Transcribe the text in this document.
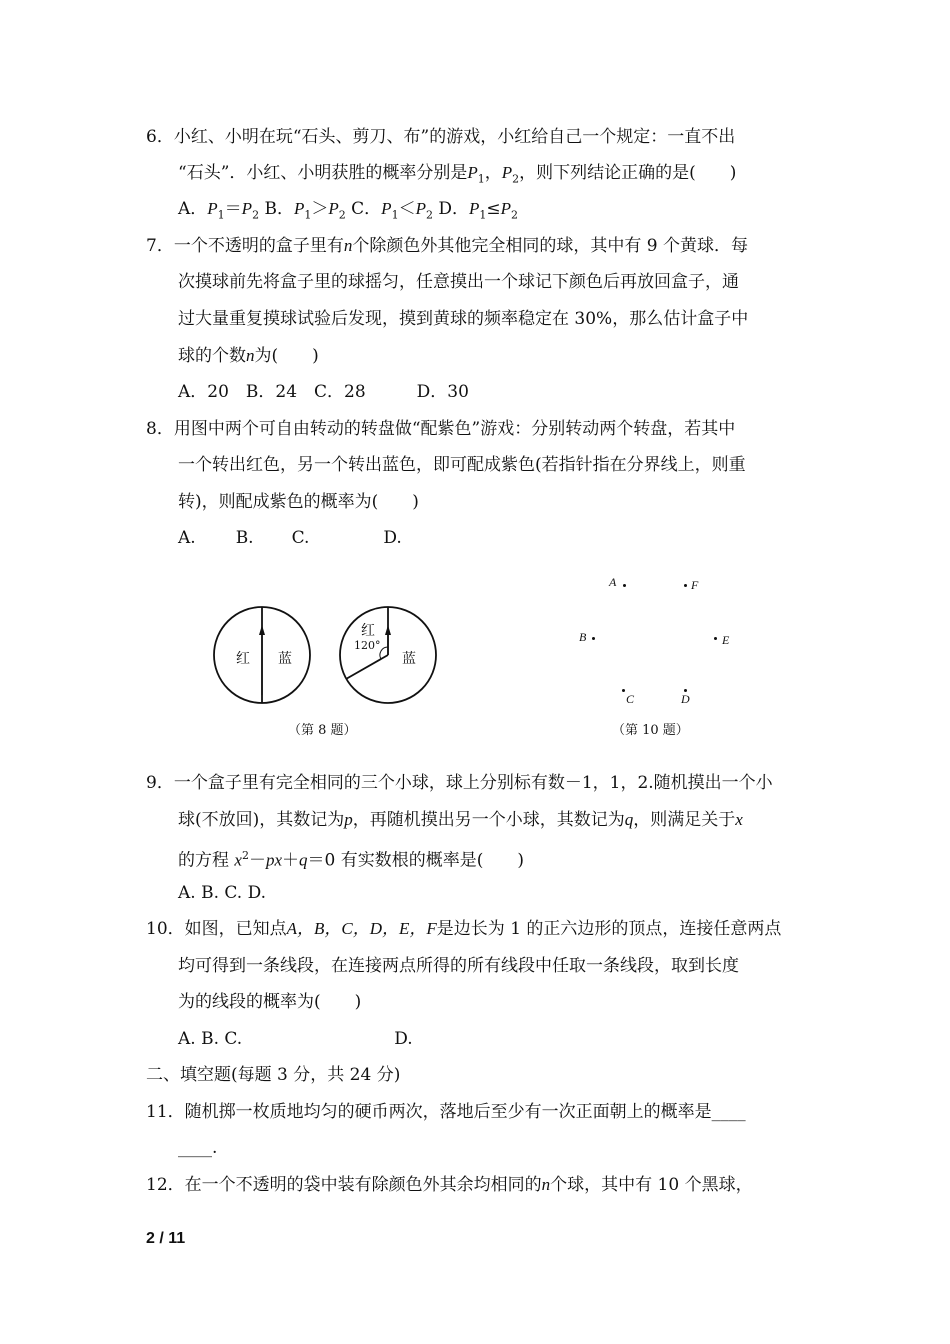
6．小红、小明在玩“石头、剪刀、布”的游戏，小红给自己一个规定：一直不出
“石头”．小红、小明获胜的概率分别是$P_1$，$P_2$，则下列结论正确的是(　　)
A．$P_1=P_2$ B．$P_1>P_2$ C．$P_1<P_2$ D．$P_1\le P_2$
7．一个不透明的盒子里有n个除颜色外其他完全相同的球，其中有 9 个黄球．每
次摸球前先将盒子里的球摇匀，任意摸出一个球记下颜色后再放回盒子，通
过大量重复摸球试验后发现，摸到黄球的频率稳定在 30%，那么估计盒子中
球的个数n为(　　)
A．20　B．24　C．28　　　D．30
8．用图中两个可自由转动的转盘做“配紫色”游戏：分别转动两个转盘，若其中
一个转出红色，另一个转出蓝色，即可配成紫色(若指针指在分界线上，则重
转)，则配成紫色的概率为(　　)
A. B. C.	D.
红 蓝
红
120°
蓝
（第 8 题）
A	F
B	E
C	D
（第 10 题）
9．一个盒子里有完全相同的三个小球，球上分别标有数－1，1，2.随机摸出一个小
球(不放回)，其数记为p，再随机摸出另一个小球，其数记为q，则满足关于x
的方程 $x^2-px+q=0$ 有实数根的概率是(　　)
A. B. C. D.
10．如图，已知点A，B，C，D，E，F是边长为 1 的正六边形的顶点，连接任意两点
均可得到一条线段，在连接两点所得的所有线段中任取一条线段，取到长度
为的线段的概率为(　　)
A. B. C.	D.
二、填空题(每题 3 分，共 24 分)
11．随机掷一枚质地均匀的硬币两次，落地后至少有一次正面朝上的概率是____
____.
12．在一个不透明的袋中装有除颜色外其余均相同的n个球，其中有 10 个黑球，
2 / 11
